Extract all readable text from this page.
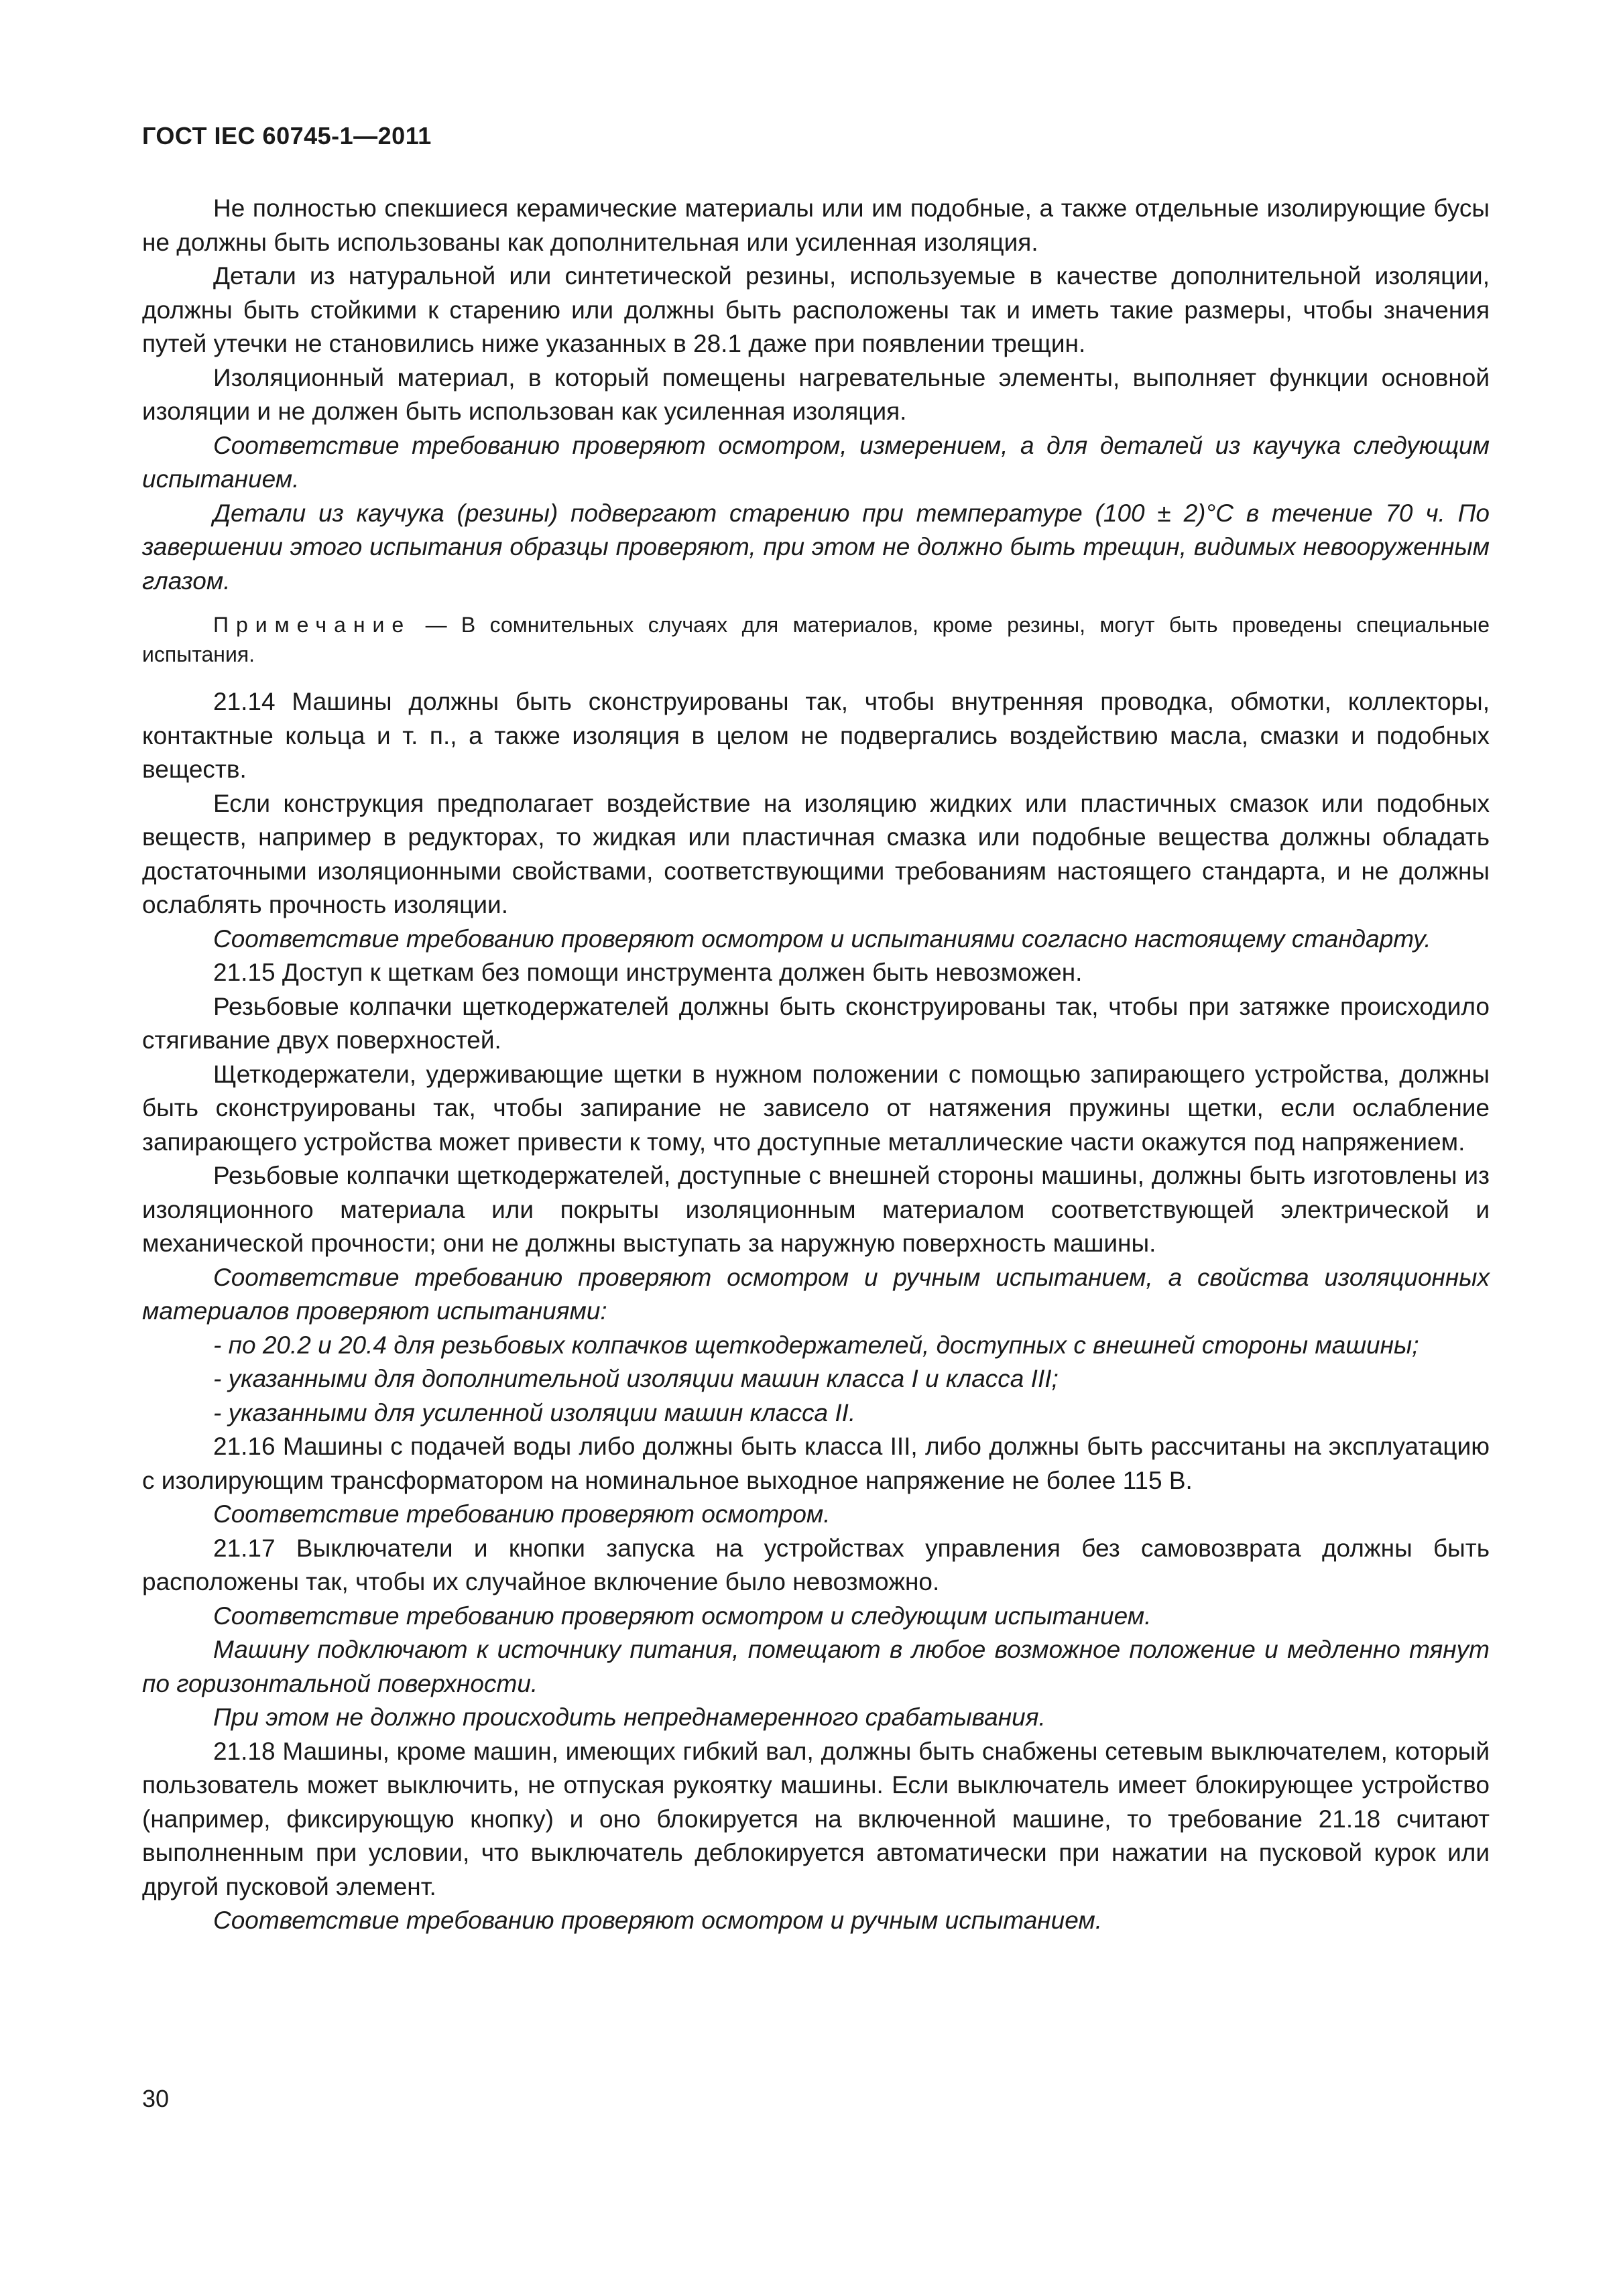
ГОСТ IEC 60745-1—2011

Не полностью спекшиеся керамические материалы или им подобные, а также отдельные изолирующие бусы не должны быть использованы как дополнительная или усиленная изоляция.

Детали из натуральной или синтетической резины, используемые в качестве дополнительной изоляции, должны быть стойкими к старению или должны быть расположены так и иметь такие размеры, чтобы значения путей утечки не становились ниже указанных в 28.1 даже при появлении трещин.

Изоляционный материал, в который помещены нагревательные элементы, выполняет функции основной изоляции и не должен быть использован как усиленная изоляция.

Соответствие требованию проверяют осмотром, измерением, а для деталей из каучука следующим испытанием.

Детали из каучука (резины) подвергают старению при температуре (100 ± 2)°С в течение 70 ч. По завершении этого испытания образцы проверяют, при этом не должно быть трещин, видимых невооруженным глазом.

Примечание — В сомнительных случаях для материалов, кроме резины, могут быть проведены специальные испытания.

21.14 Машины должны быть сконструированы так, чтобы внутренняя проводка, обмотки, коллекторы, контактные кольца и т. п., а также изоляция в целом не подвергались воздействию масла, смазки и подобных веществ.

Если конструкция предполагает воздействие на изоляцию жидких или пластичных смазок или подобных веществ, например в редукторах, то жидкая или пластичная смазка или подобные вещества должны обладать достаточными изоляционными свойствами, соответствующими требованиям настоящего стандарта, и не должны ослаблять прочность изоляции.

Соответствие требованию проверяют осмотром и испытаниями согласно настоящему стандарту.

21.15 Доступ к щеткам без помощи инструмента должен быть невозможен.

Резьбовые колпачки щеткодержателей должны быть сконструированы так, чтобы при затяжке происходило стягивание двух поверхностей.

Щеткодержатели, удерживающие щетки в нужном положении с помощью запирающего устройства, должны быть сконструированы так, чтобы запирание не зависело от натяжения пружины щетки, если ослабление запирающего устройства может привести к тому, что доступные металлические части окажутся под напряжением.

Резьбовые колпачки щеткодержателей, доступные с внешней стороны машины, должны быть изготовлены из изоляционного материала или покрыты изоляционным материалом соответствующей электрической и механической прочности; они не должны выступать за наружную поверхность машины.

Соответствие требованию проверяют осмотром и ручным испытанием, а свойства изоляционных материалов проверяют испытаниями:

- по 20.2 и 20.4 для резьбовых колпачков щеткодержателей, доступных с внешней стороны машины;

- указанными для дополнительной изоляции машин класса I и класса III;

- указанными для усиленной изоляции машин класса II.

21.16 Машины с подачей воды либо должны быть класса III, либо должны быть рассчитаны на эксплуатацию с изолирующим трансформатором на номинальное выходное напряжение не более 115 В.

Соответствие требованию проверяют осмотром.

21.17 Выключатели и кнопки запуска на устройствах управления без самовозврата должны быть расположены так, чтобы их случайное включение было невозможно.

Соответствие требованию проверяют осмотром и следующим испытанием.

Машину подключают к источнику питания, помещают в любое возможное положение и медленно тянут по горизонтальной поверхности.

При этом не должно происходить непреднамеренного срабатывания.

21.18 Машины, кроме машин, имеющих гибкий вал, должны быть снабжены сетевым выключателем, который пользователь может выключить, не отпуская рукоятку машины. Если выключатель имеет блокирующее устройство (например, фиксирующую кнопку) и оно блокируется на включенной машине, то требование 21.18 считают выполненным при условии, что выключатель деблокируется автоматически при нажатии на пусковой курок или другой пусковой элемент.

Соответствие требованию проверяют осмотром и ручным испытанием.

30
